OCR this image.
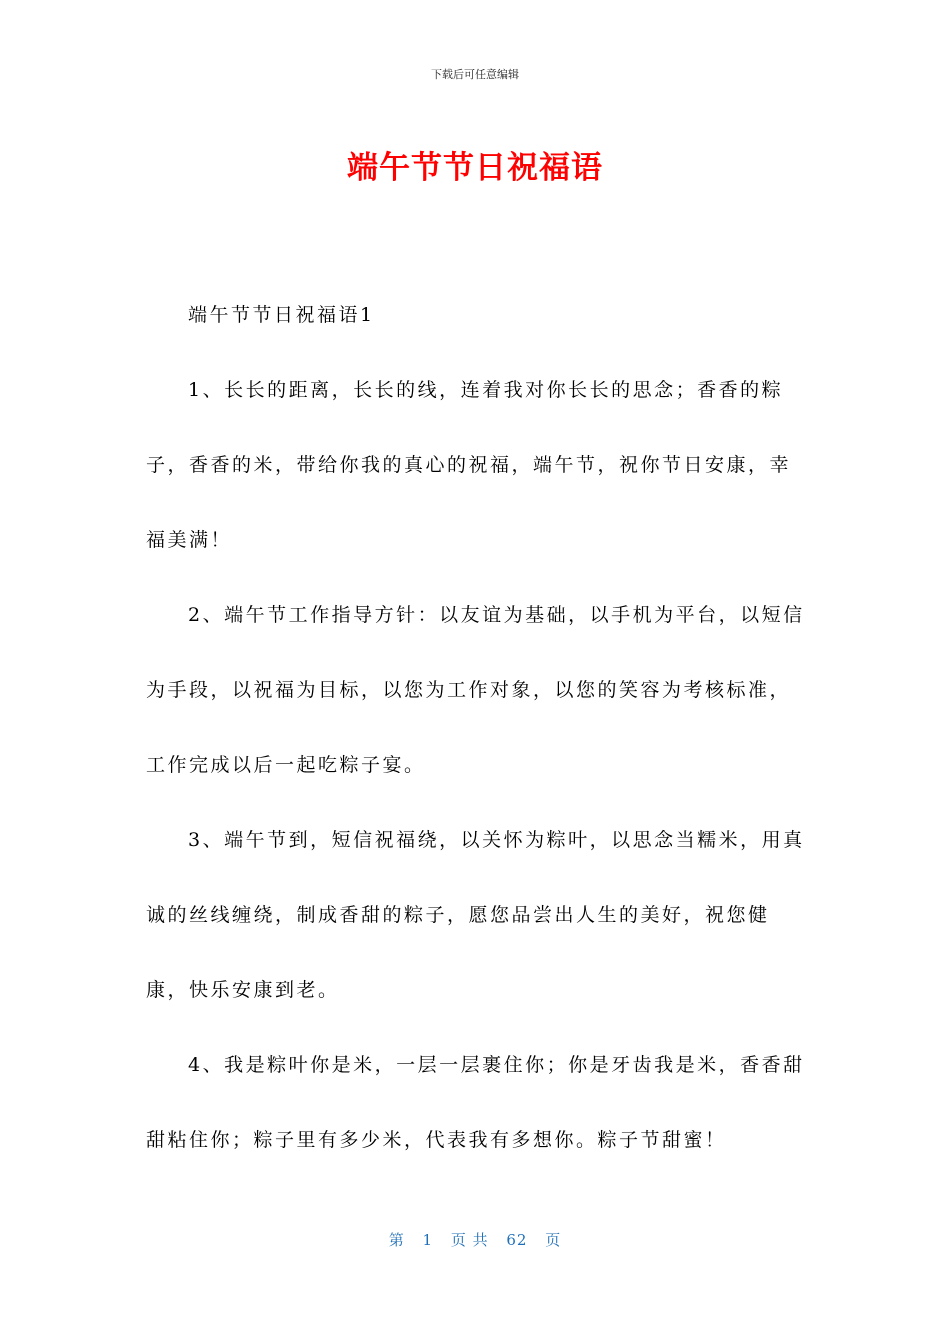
下载后可任意编辑
端午节节日祝福语

端午节节日祝福语1

1、长长的距离，长长的线，连着我对你长长的思念；香香的粽子，香香的米，带给你我的真心的祝福，端午节，祝你节日安康，幸福美满！

2、端午节工作指导方针：以友谊为基础，以手机为平台，以短信为手段，以祝福为目标，以您为工作对象，以您的笑容为考核标准，工作完成以后一起吃粽子宴。

3、端午节到，短信祝福绕，以关怀为粽叶，以思念当糯米，用真诚的丝线缠绕，制成香甜的粽子，愿您品尝出人生的美好，祝您健康，快乐安康到老。

4、我是粽叶你是米，一层一层裹住你；你是牙齿我是米，香香甜甜粘住你；粽子里有多少米，代表我有多想你。粽子节甜蜜！

第 1 页 共 62 页
